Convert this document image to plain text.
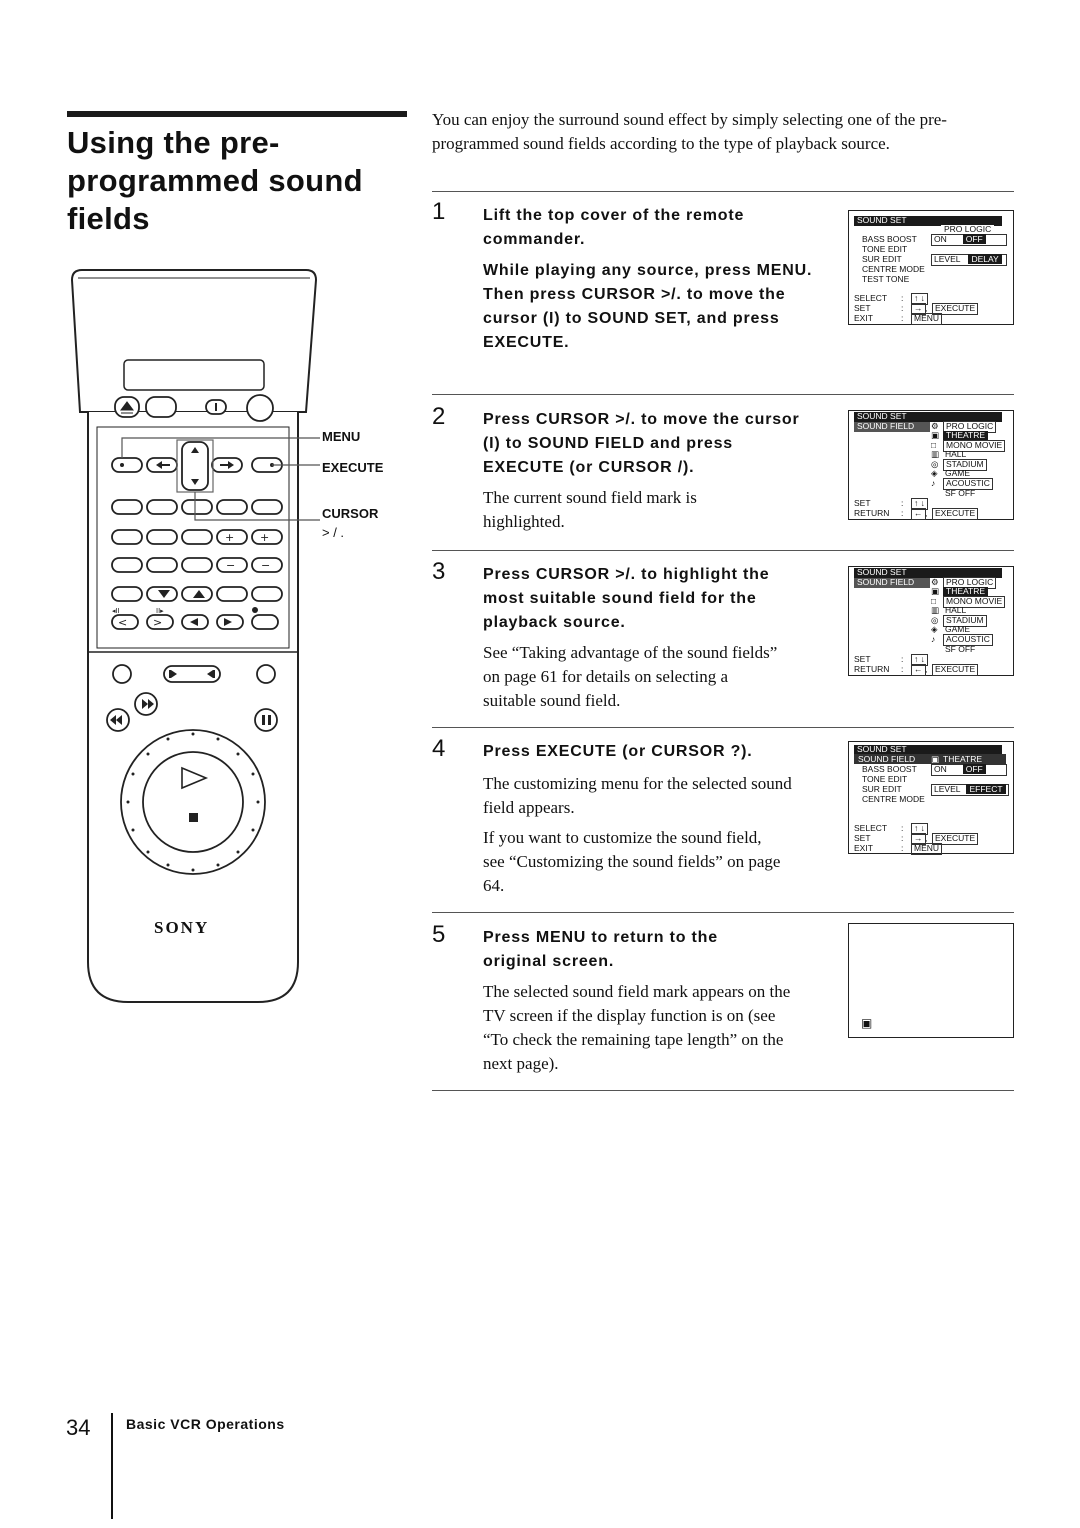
Using the pre-
programmed sound
fields
+ +
− −
< >
◂II	II▸
SONY
MENU
EXECUTE
CURSOR
> / .
You can enjoy the surround sound effect by simply selecting one of the pre-programmed sound fields according to the type of playback source.
1 Lift the top cover of the remote commander.
While playing any source, press MENU. Then press CURSOR >/. to move the cursor (I) to SOUND SET, and press EXECUTE.
SOUND SET
SOUND FIELD	PRO LOGIC
BASS BOOST	ON OFF
TONE EDIT
SUR EDIT	LEVEL DELAY
CENTRE MODE
TEST TONE
SELECT :	↑ ↓
SET	:	→ , EXECUTE
EXIT	:	MENU
2 Press CURSOR >/. to move the cursor (I) to SOUND FIELD and press EXECUTE (or CURSOR /).
The current sound field mark is highlighted.
SOUND SET
SOUND FIELD	⚙ PRO LOGIC
▣ THEATRE
□	MONO MOVIE
▥ HALL
◎ STADIUM
◈ GAME
♪	ACOUSTIC
SF OFF
SET	:	↑ ↓
RETURN :	← , EXECUTE
3 Press CURSOR >/. to highlight the most suitable sound field for the playback source.
See “Taking advantage of the sound fields” on page 61 for details on selecting a suitable sound field.
SOUND SET
SOUND FIELD	⚙ PRO LOGIC
▣ THEATRE
□	MONO MOVIE
▥ HALL
◎ STADIUM
◈ GAME
♪	ACOUSTIC
SF OFF
SET	:	↑ ↓
RETURN :	← , EXECUTE
4 Press EXECUTE (or CURSOR ?).
The customizing menu for the selected sound field appears.
If you want to customize the sound field, see “Customizing the sound fields” on page 64.
SOUND SET
SOUND FIELD ▣ THEATRE
BASS BOOST	ON OFF
TONE EDIT
SUR EDIT	LEVEL EFFECT
CENTRE MODE
SELECT :	↑ ↓
SET	:	→ , EXECUTE
EXIT	:	MENU
5 Press MENU to return to the original screen.
The selected sound field mark appears on the TV screen if the display function is on (see “To check the remaining tape length” on the next page).
▣
34	Basic VCR Operations
